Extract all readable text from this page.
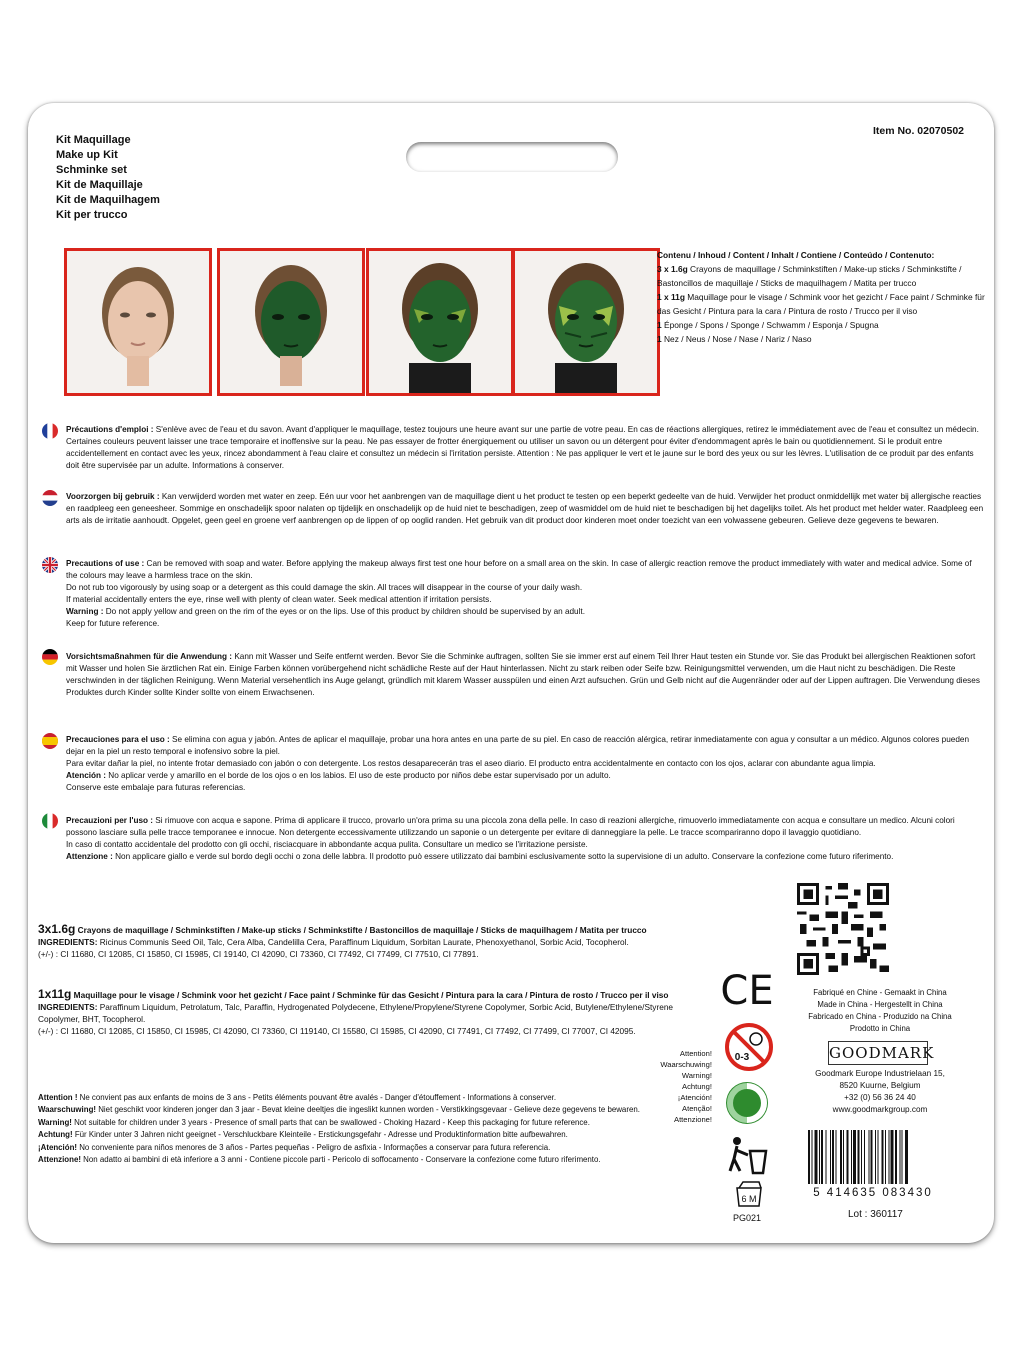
Kit Maquillage
Make up Kit
Schminke set
Kit de Maquillaje
Kit de Maquilhagem
Kit per trucco
Item No. 02070502
Contenu / Inhoud / Content / Inhalt / Contiene / Conteúdo / Contenuto:
3 x 1.6g Crayons de maquillage / Schminkstiften / Make-up sticks / Schminkstifte / Bastoncillos de maquillaje / Sticks de maquilhagem / Matita per trucco
1 x 11g Maquillage pour le visage / Schmink voor het gezicht / Face paint / Schminke für das Gesicht / Pintura para la cara / Pintura de rosto / Trucco per il viso
1 Éponge / Spons / Sponge / Schwamm / Esponja / Spugna
1 Nez / Neus / Nose / Nase / Nariz / Naso

Précautions d'emploi : S'enlève avec de l'eau et du savon. Avant d'appliquer le maquillage, testez toujours une heure avant sur une partie de votre peau. En cas de réactions allergiques, retirez le immédiatement avec de l'eau et consultez un médecin. Certaines couleurs peuvent laisser une trace temporaire et inoffensive sur la peau. Ne pas essayer de frotter énergiquement ou utiliser un savon ou un détergent pour éviter d'endommagent après le bain ou quotidiennement. Si le produit entre accidentellement en contact avec les yeux, rincez abondamment à l'eau claire et consultez un médecin si l'irritation persiste. Attention : Ne pas appliquer le vert et le jaune sur le bord des yeux ou sur les lèvres. L'utilisation de ce produit par des enfants doit être supervisée par un adulte. Informations à conserver.

Voorzorgen bij gebruik : Kan verwijderd worden met water en zeep. Eén uur voor het aanbrengen van de maquillage dient u het product te testen op een beperkt gedeelte van de huid. Verwijder het product onmiddellijk met water bij allergische reacties en raadpleeg een geneesheer. Sommige en onschadelijk spoor nalaten op tijdelijk en onschadelijk op de huid niet te beschadigen, zeep of wasmiddel om de huid niet te beschadigen bij het dagelijks toilet. Als het product met helder water. Raadpleeg een arts als de irritatie aanhoudt. Opgelet, geen geel en groene verf aanbrengen op de lippen of op ooglid randen. Het gebruik van dit product door kinderen moet onder toezicht van een volwassene gebeuren. Gelieve deze gegevens te bewaren.

Precautions of use : Can be removed with soap and water. Before applying the makeup always first test one hour before on a small area on the skin. In case of allergic reaction remove the product immediately with water and medical advice. Some of the colours may leave a harmless trace on the skin.

Do not rub too vigorously by using soap or a detergent as this could damage the skin. All traces will disappear in the course of your daily wash.

If material accidentally enters the eye, rinse well with plenty of clean water. Seek medical attention if irritation persists.

Warning : Do not apply yellow and green on the rim of the eyes or on the lips. Use of this product by children should be supervised by an adult.

Keep for future reference.

Vorsichtsmaßnahmen für die Anwendung : Kann mit Wasser und Seife entfernt werden. Bevor Sie die Schminke auftragen, sollten Sie sie immer erst auf einem Teil Ihrer Haut testen ein Stunde vor. Sie das Produkt bei allergischen Reaktionen sofort mit Wasser und holen Sie ärztlichen Rat ein. Einige Farben können vorübergehend nicht schädliche Reste auf der Haut hinterlassen. Nicht zu stark reiben oder Seife bzw. Reinigungsmittel verwenden, um die Haut nicht zu beschädigen. Die Reste verschwinden in der täglichen Reinigung. Wenn Material versehentlich ins Auge gelangt, gründlich mit klarem Wasser ausspülen und einen Arzt aufsuchen. Grün und Gelb nicht auf die Augenränder oder auf der Lippen auftragen. Die Verwendung dieses Produktes durch Kinder sollte Kinder sollte von einem Erwachsenen.

Precauciones para el uso : Se elimina con agua y jabón. Antes de aplicar el maquillaje, probar una hora antes en una parte de su piel. En caso de reacción alérgica, retirar inmediatamente con agua y consultar a un médico. Algunos colores pueden dejar en la piel un resto temporal e inofensivo sobre la piel.

Para evitar dañar la piel, no intente frotar demasiado con jabón o con detergente. Los restos desaparecerán tras el aseo diario. El producto entra accidentalmente en contacto con los ojos, aclarar con abundante agua limpia.

Atención : No aplicar verde y amarillo en el borde de los ojos o en los labios. El uso de este producto por niños debe estar supervisado por un adulto.

Conserve este embalaje para futuras referencias.

Precauzioni per l'uso : Si rimuove con acqua e sapone. Prima di applicare il trucco, provarlo un'ora prima su una piccola zona della pelle. In caso di reazioni allergiche, rimuoverlo immediatamente con acqua e consultare un medico. Alcuni colori possono lasciare sulla pelle tracce temporanee e innocue. Non detergente eccessivamente utilizzando un saponie o un detergente per evitare di danneggiare la pelle. Le tracce scompariranno dopo il lavaggio quotidiano.

In caso di contatto accidentale del prodotto con gli occhi, risciacquare in abbondante acqua pulita. Consultare un medico se l'irritazione persiste.

Attenzione : Non applicare giallo e verde sul bordo degli occhi o zona delle labbra. Il prodotto può essere utilizzato dai bambini esclusivamente sotto la supervisione di un adulto. Conservare la confezione come futuro riferimento.

3x1.6g Crayons de maquillage / Schminkstiften / Make-up sticks / Schminkstifte / Bastoncillos de maquillaje / Sticks de maquilhagem / Matita per trucco

INGREDIENTS: Ricinus Communis Seed Oil, Talc, Cera Alba, Candelilla Cera, Paraffinum Liquidum, Sorbitan Laurate, Phenoxyethanol, Sorbic Acid, Tocopherol.

(+/-) : CI 11680, CI 12085, CI 15850, CI 15985, CI 19140, CI 42090, CI 73360, CI 77492, CI 77499, CI 77510, CI 77891.

1x11g Maquillage pour le visage / Schmink voor het gezicht / Face paint / Schminke für das Gesicht / Pintura para la cara / Pintura de rosto / Trucco per il viso

INGREDIENTS: Paraffinum Liquidum, Petrolatum, Talc, Paraffin, Hydrogenated Polydecene, Ethylene/Propylene/Styrene Copolymer, Sorbic Acid, Butylene/Ethylene/Styrene Copolymer, BHT, Tocopherol.

(+/-) : CI 11680, CI 12085, CI 15850, CI 15985, CI 42090, CI 73360, CI 119140, CI 15580, CI 15985, CI 42090, CI 77491, CI 77492, CI 77499, CI 77007, CI 42095.

Attention ! Ne convient pas aux enfants de moins de 3 ans - Petits éléments pouvant être avalés - Danger d'étouffement - Informations à conserver.

Waarschuwing! Niet geschikt voor kinderen jonger dan 3 jaar - Bevat kleine deeltjes die ingeslikt kunnen worden - Verstikkingsgevaar - Gelieve deze gegevens te bewaren.

Warning! Not suitable for children under 3 years - Presence of small parts that can be swallowed - Choking Hazard - Keep this packaging for future reference.

Achtung! Für Kinder unter 3 Jahren nicht geeignet - Verschluckbare Kleinteile - Erstickungsgefahr - Adresse und Produktinformation bitte aufbewahren.

¡Atención! No conveniente para niños menores de 3 años - Partes pequeñas - Peligro de asfixia - Informações a conservar para futura referencia.

Attenzione! Non adatto ai bambini di età inferiore a 3 anni - Contiene piccole parti - Pericolo di soffocamento - Conservare la confezione come futuro riferimento.

Attention!
Waarschuwing!
Warning!
Achtung!
¡Atención!
Atenção!
Attenzione!
CE
0-3
6 M
PG021
Fabriqué en Chine - Gemaakt in China
Made in China - Hergestellt in China
Fabricado en China - Produzido na China
Prodotto in China
GOODMARK
Goodmark Europe Industrielaan 15,
8520 Kuurne, Belgium
+32 (0) 56 36 24 40
www.goodmarkgroup.com
5 414635 083430
Lot : 360117
